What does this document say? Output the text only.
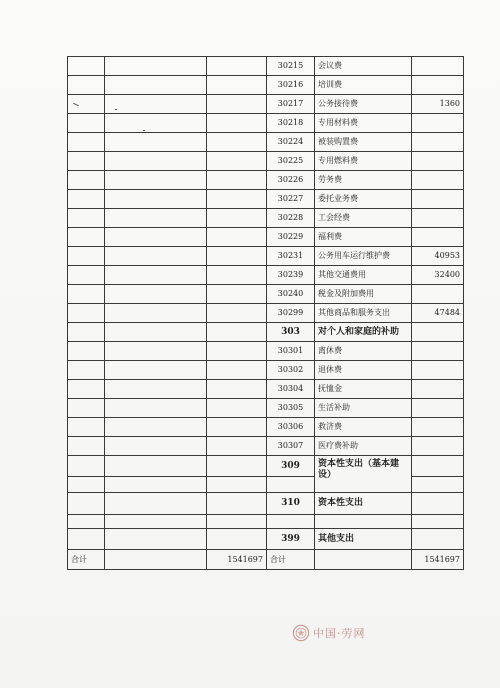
			30215	会议费	
			30216	培训费	
			30217	公务接待费	1360
			30218	专用材料费	
			30224	被装购置费	
			30225	专用燃料费	
			30226	劳务费	
			30227	委托业务费	
			30228	工会经费	
			30229	福利费	
			30231	公务用车运行维护费	40953
			30239	其他交通费用	32400
			30240	税金及附加费用	
			30299	其他商品和服务支出	47484
			303	对个人和家庭的补助	
			30301	离休费	
			30302	退休费	
			30304	抚恤金	
			30305	生活补助	
			30306	救济费	
			30307	医疗费补助	
			309	资本性支出（基本建设）	

			310	资本性支出	

			399	其他支出	
合计		1541697	合计		1541697
中国·劳网
